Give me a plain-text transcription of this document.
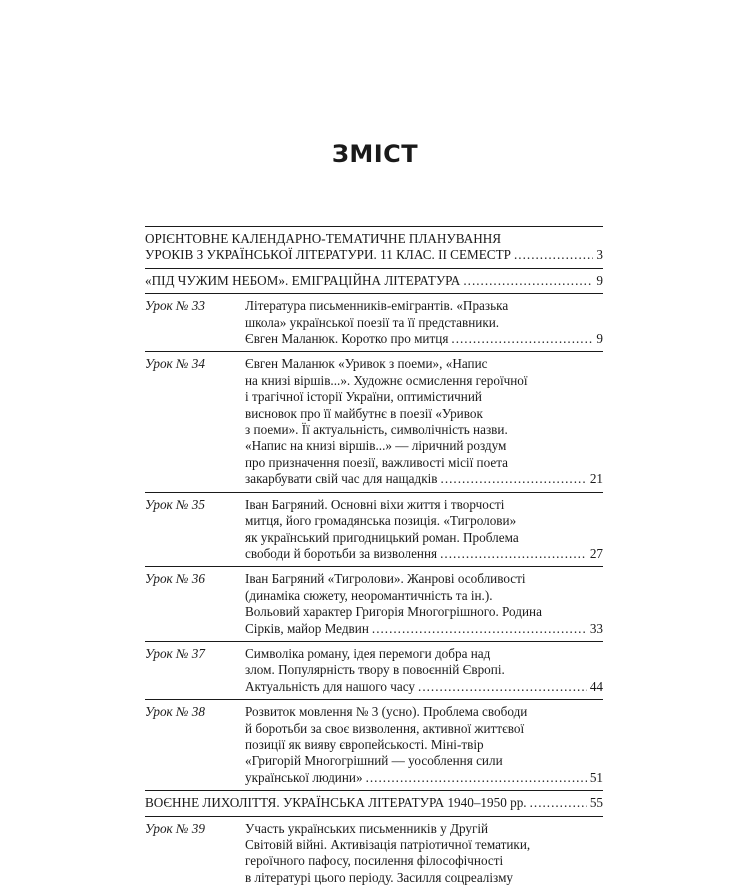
ЗМІСТ
ОРІЄНТОВНЕ КАЛЕНДАРНО-ТЕМАТИЧНЕ ПЛАНУВАННЯ
УРОКІВ З УКРАЇНСЬКОЇ ЛІТЕРАТУРИ. 11 КЛАС. ІІ СЕМЕСТР .....	3
«ПІД ЧУЖИМ НЕБОМ». ЕМІГРАЦІЙНА ЛІТЕРАТУРА .....	9
Урок № 33	Література письменників-емігрантів. «Празька
школа» української поезії та її представники.
Євген Маланюк. Коротко про митця .....	9
Урок № 34	Євген Маланюк «Уривок з поеми», «Напис
на книзі віршів...». Художнє осмислення героїчної
і трагічної історії України, оптимістичний
висновок про її майбутнє в поезії «Уривок
з поеми». Її актуальність, символічність назви.
«Напис на книзі віршів...» — ліричний роздум
про призначення поезії, важливості місії поета
закарбувати свій час для нащадків .....	21
Урок № 35	Іван Багряний. Основні віхи життя і творчості
митця, його громадянська позиція. «Тигролови»
як український пригодницький роман. Проблема
свободи й боротьби за визволення .....	27
Урок № 36	Іван Багряний «Тигролови». Жанрові особливості
(динаміка сюжету, неоромантичність та ін.).
Вольовий характер Григорія Многогрішного. Родина
Сірків, майор Медвин .....	33
Урок № 37	Символіка роману, ідея перемоги добра над
злом. Популярність твору в повоєнній Європі.
Актуальність для нашого часу .....	44
Урок № 38	Розвиток мовлення № 3 (усно). Проблема свободи
й боротьби за своє визволення, активної життєвої
позиції як вияву європейськості. Міні-твір
«Григорій Многогрішний — уособлення сили
української людини» .....	51
ВОЄННЕ ЛИХОЛІТТЯ. УКРАЇНСЬКА ЛІТЕРАТУРА 1940–1950 рр. .....	55
Урок № 39	Участь українських письменників у Другій
Світовій війні. Активізація патріотичної тематики,
героїчного пафосу, посилення філософічності
в літературі цього періоду. Засилля соцреалізму
